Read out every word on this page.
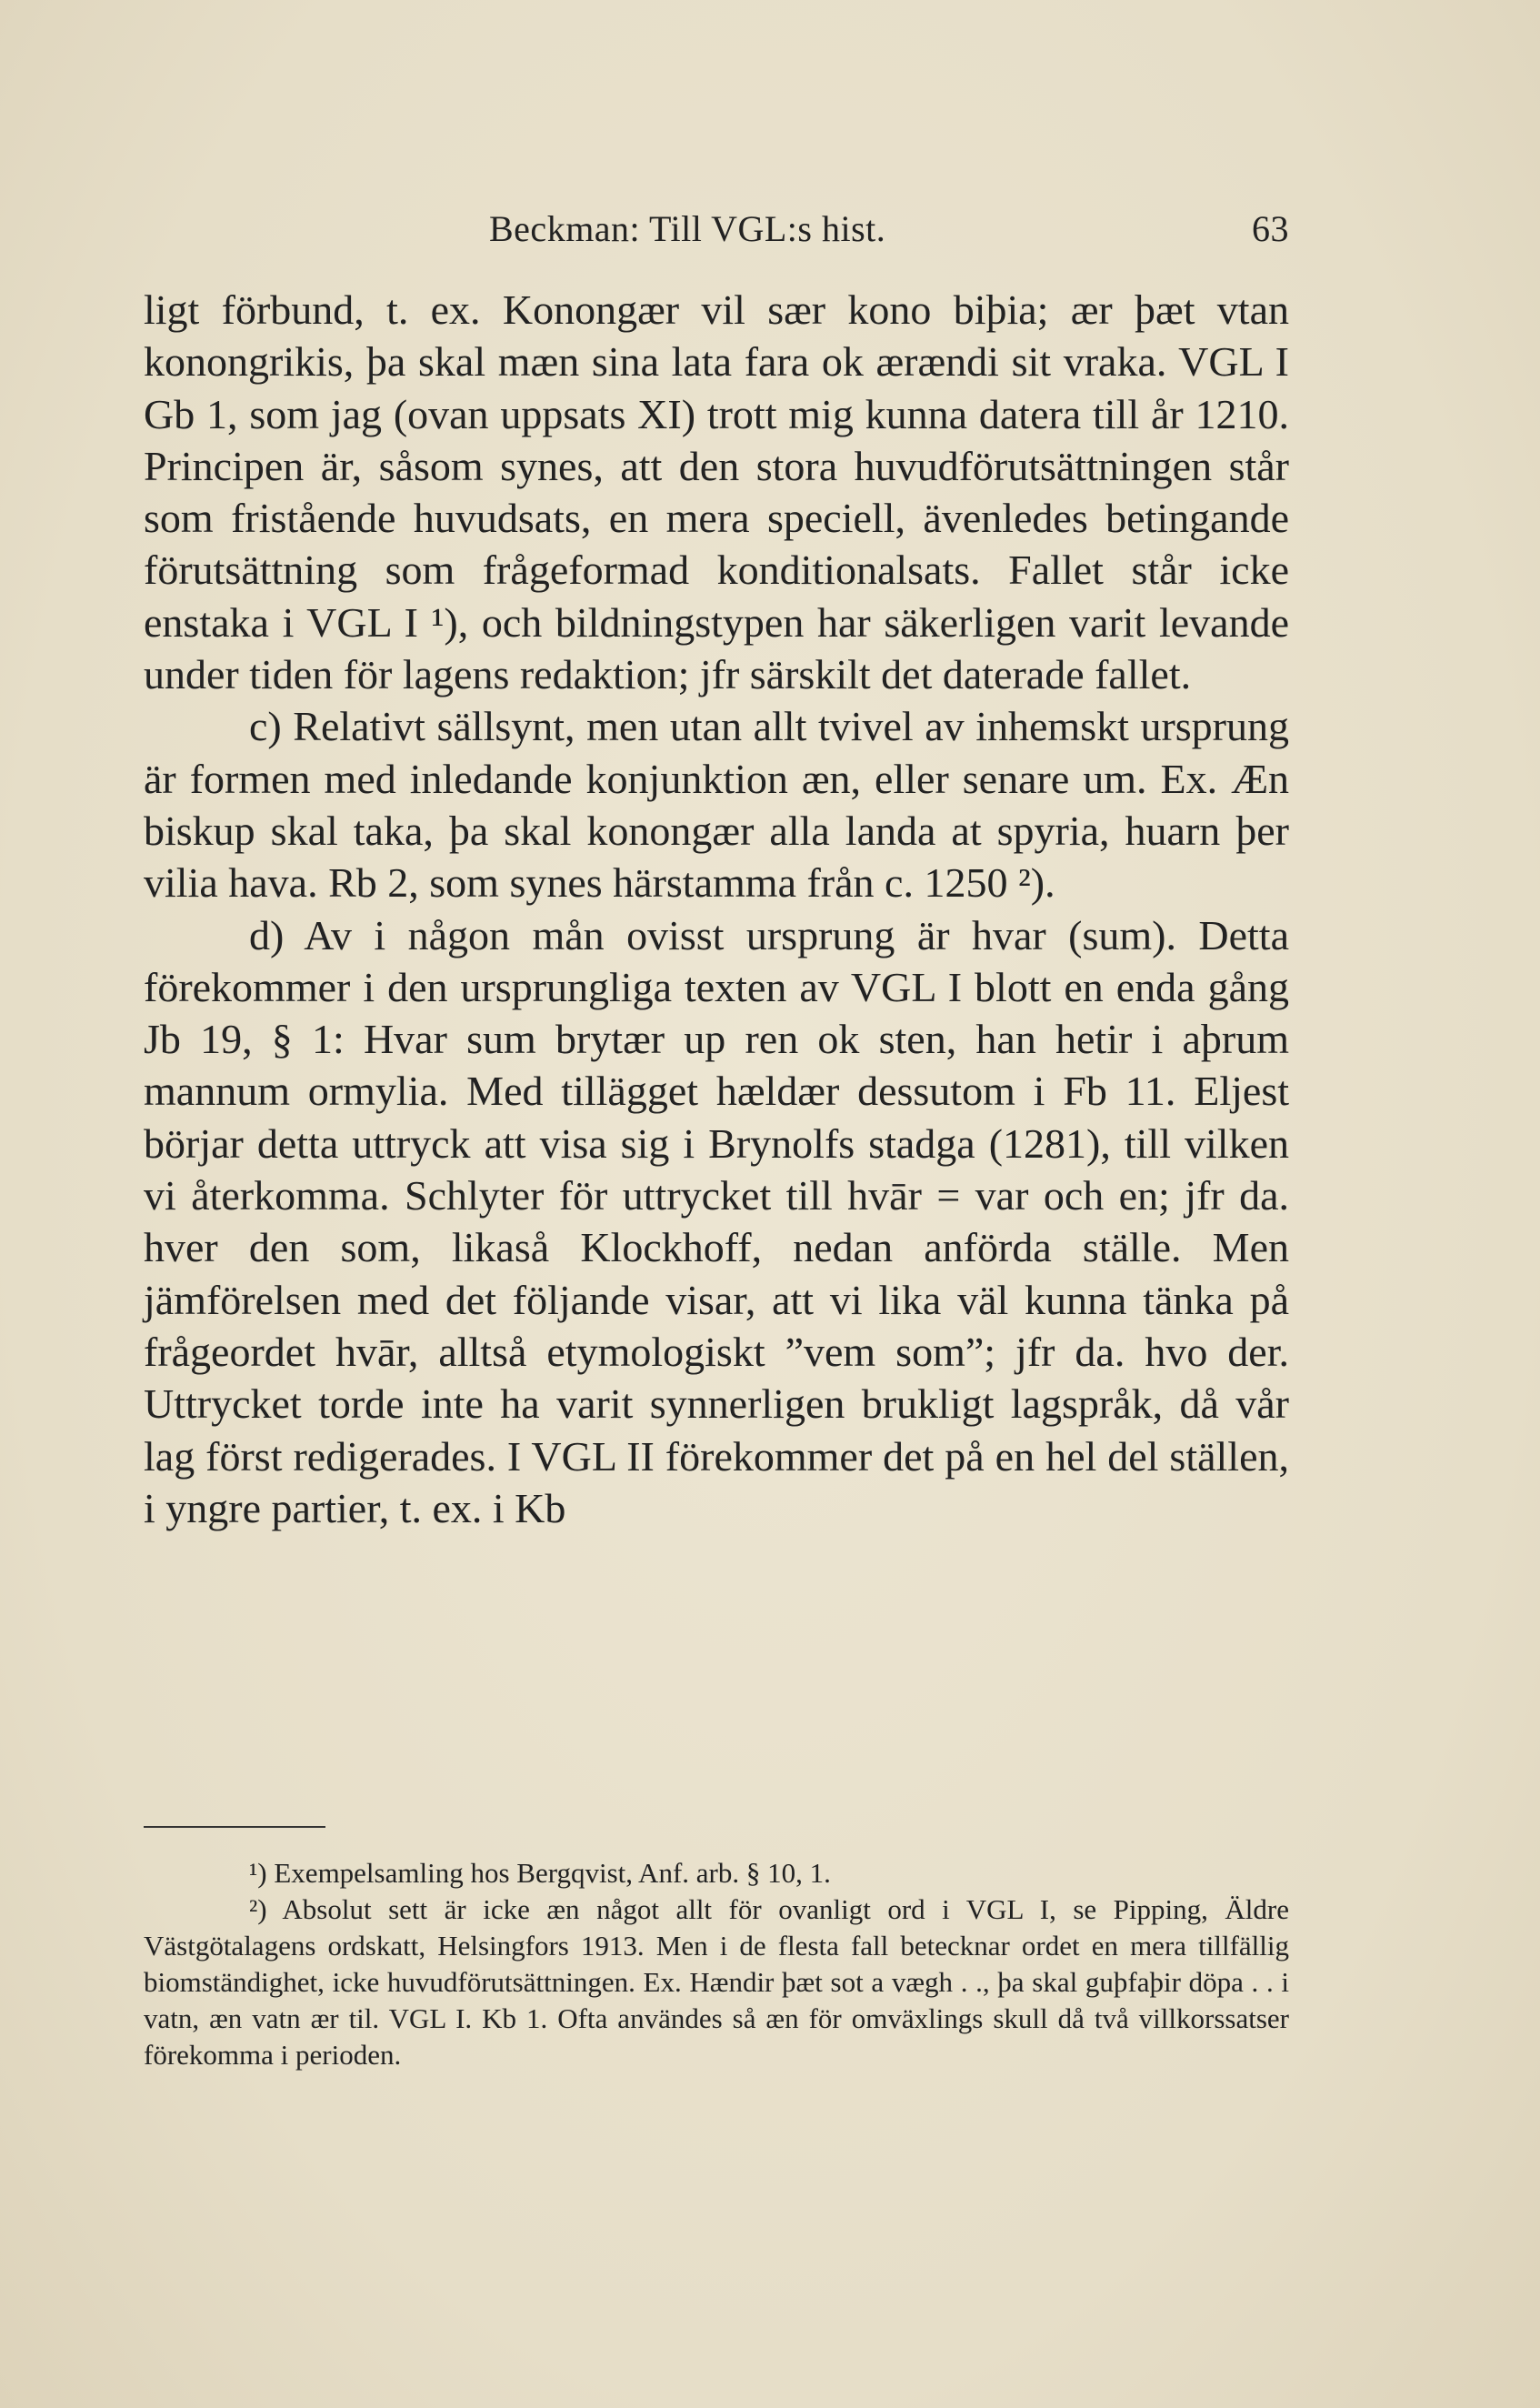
Beckman: Till VGL:s hist.	63

ligt förbund, t. ex. Konongær vil sær kono biþia; ær þæt vtan konongrikis, þa skal mæn sina lata fara ok ærændi sit vraka. VGL I Gb 1, som jag (ovan uppsats XI) trott mig kunna datera till år 1210. Principen är, såsom synes, att den stora huvudförutsättningen står som fristående huvudsats, en mera speciell, ävenledes betingande förutsättning som frågeformad konditionalsats. Fallet står icke enstaka i VGL I ¹), och bildningstypen har säkerligen varit levande under tiden för lagens redaktion; jfr särskilt det daterade fallet.

c) Relativt sällsynt, men utan allt tvivel av inhemskt ursprung är formen med inledande konjunktion æn, eller senare um. Ex. Æn biskup skal taka, þa skal konongær alla landa at spyria, huarn þer vilia hava. Rb 2, som synes härstamma från c. 1250 ²).

d) Av i någon mån ovisst ursprung är hvar (sum). Detta förekommer i den ursprungliga texten av VGL I blott en enda gång Jb 19, § 1: Hvar sum brytær up ren ok sten, han hetir i aþrum mannum ormylia. Med tillägget hældær dessutom i Fb 11. Eljest börjar detta uttryck att visa sig i Brynolfs stadga (1281), till vilken vi återkomma. Schlyter för uttrycket till hvār = var och en; jfr da. hver den som, likaså Klockhoff, nedan anförda ställe. Men jämförelsen med det följande visar, att vi lika väl kunna tänka på frågeordet hvār, alltså etymologiskt ”vem som”; jfr da. hvo der. Uttrycket torde inte ha varit synnerligen brukligt lagspråk, då vår lag först redigerades. I VGL II förekommer det på en hel del ställen, i yngre partier, t. ex. i Kb

¹) Exempelsamling hos Bergqvist, Anf. arb. § 10, 1.

²) Absolut sett är icke æn något allt för ovanligt ord i VGL I, se Pipping, Äldre Västgötalagens ordskatt, Helsingfors 1913. Men i de flesta fall betecknar ordet en mera tillfällig biomständighet, icke huvudförutsättningen. Ex. Hændir þæt sot a vægh . ., þa skal guþfaþir döpa . . i vatn, æn vatn ær til. VGL I. Kb 1. Ofta användes så æn för omväxlings skull då två villkorssatser förekomma i perioden.
